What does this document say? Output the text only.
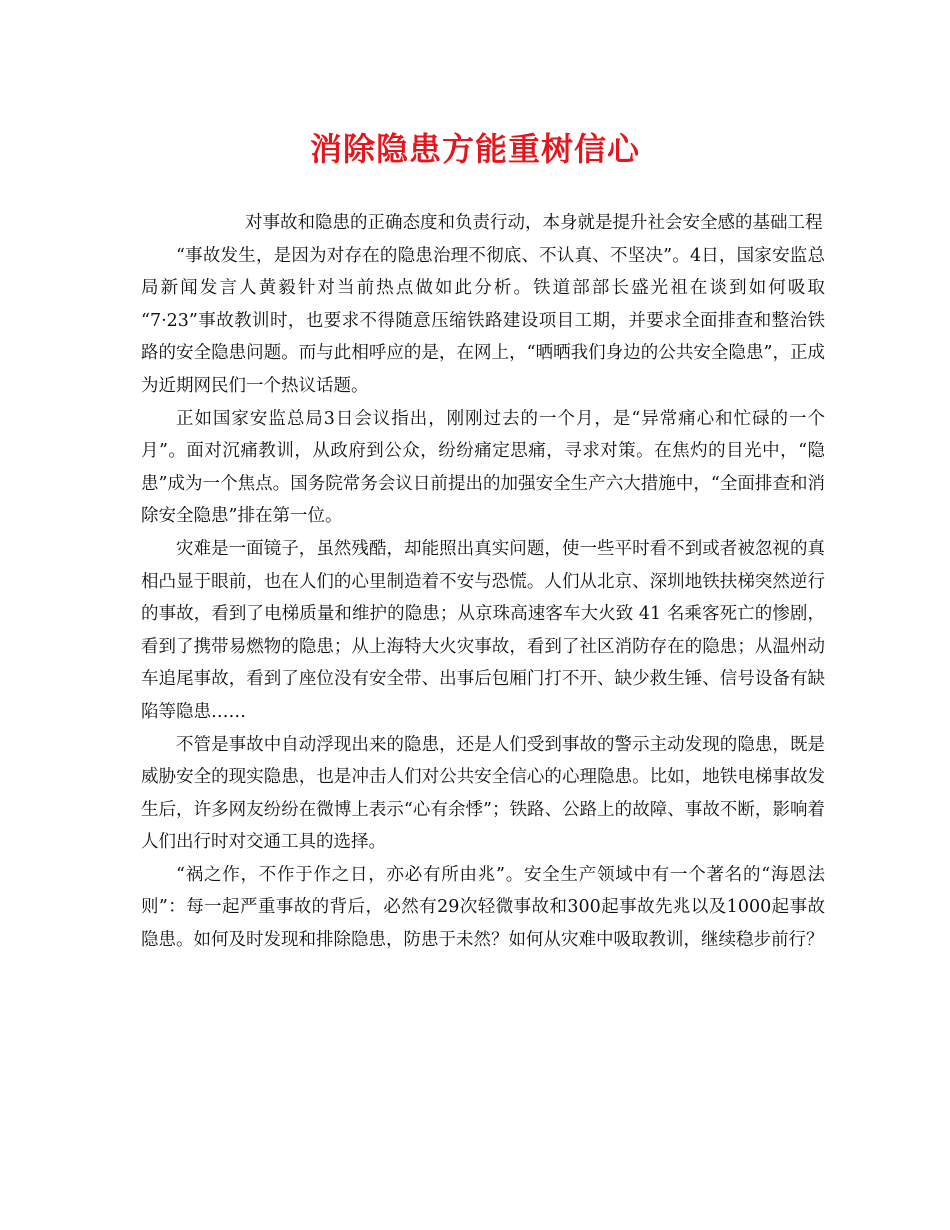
消除隐患方能重树信心

对事故和隐患的正确态度和负责行动，本身就是提升社会安全感的基础工程

“事故发生，是因为对存在的隐患治理不彻底、不认真、不坚决”。4日，国家安监总局新闻发言人黄毅针对当前热点做如此分析。铁道部部长盛光祖在谈到如何吸取 “7·23”事故教训时，也要求不得随意压缩铁路建设项目工期，并要求全面排查和整治铁路的安全隐患问题。而与此相呼应的是，在网上，“晒晒我们身边的公共安全隐患”，正成为近期网民们一个热议话题。

正如国家安监总局3日会议指出，刚刚过去的一个月，是“异常痛心和忙碌的一个月”。面对沉痛教训，从政府到公众，纷纷痛定思痛，寻求对策。在焦灼的目光中，“隐患”成为一个焦点。国务院常务会议日前提出的加强安全生产六大措施中，“全面排查和消除安全隐患”排在第一位。

灾难是一面镜子，虽然残酷，却能照出真实问题，使一些平时看不到或者被忽视的真相凸显于眼前，也在人们的心里制造着不安与恐慌。人们从北京、深圳地铁扶梯突然逆行的事故，看到了电梯质量和维护的隐患；从京珠高速客车大火致 41 名乘客死亡的惨剧，看到了携带易燃物的隐患；从上海特大火灾事故，看到了社区消防存在的隐患；从温州动车追尾事故，看到了座位没有安全带、出事后包厢门打不开、缺少救生锤、信号设备有缺陷等隐患……

不管是事故中自动浮现出来的隐患，还是人们受到事故的警示主动发现的隐患，既是威胁安全的现实隐患，也是冲击人们对公共安全信心的心理隐患。比如，地铁电梯事故发生后，许多网友纷纷在微博上表示“心有余悸”；铁路、公路上的故障、事故不断，影响着人们出行时对交通工具的选择。

“祸之作，不作于作之日，亦必有所由兆”。安全生产领域中有一个著名的“海恩法则”：每一起严重事故的背后，必然有29次轻微事故和300起事故先兆以及1000起事故隐患。如何及时发现和排除隐患，防患于未然？如何从灾难中吸取教训，继续稳步前行？
